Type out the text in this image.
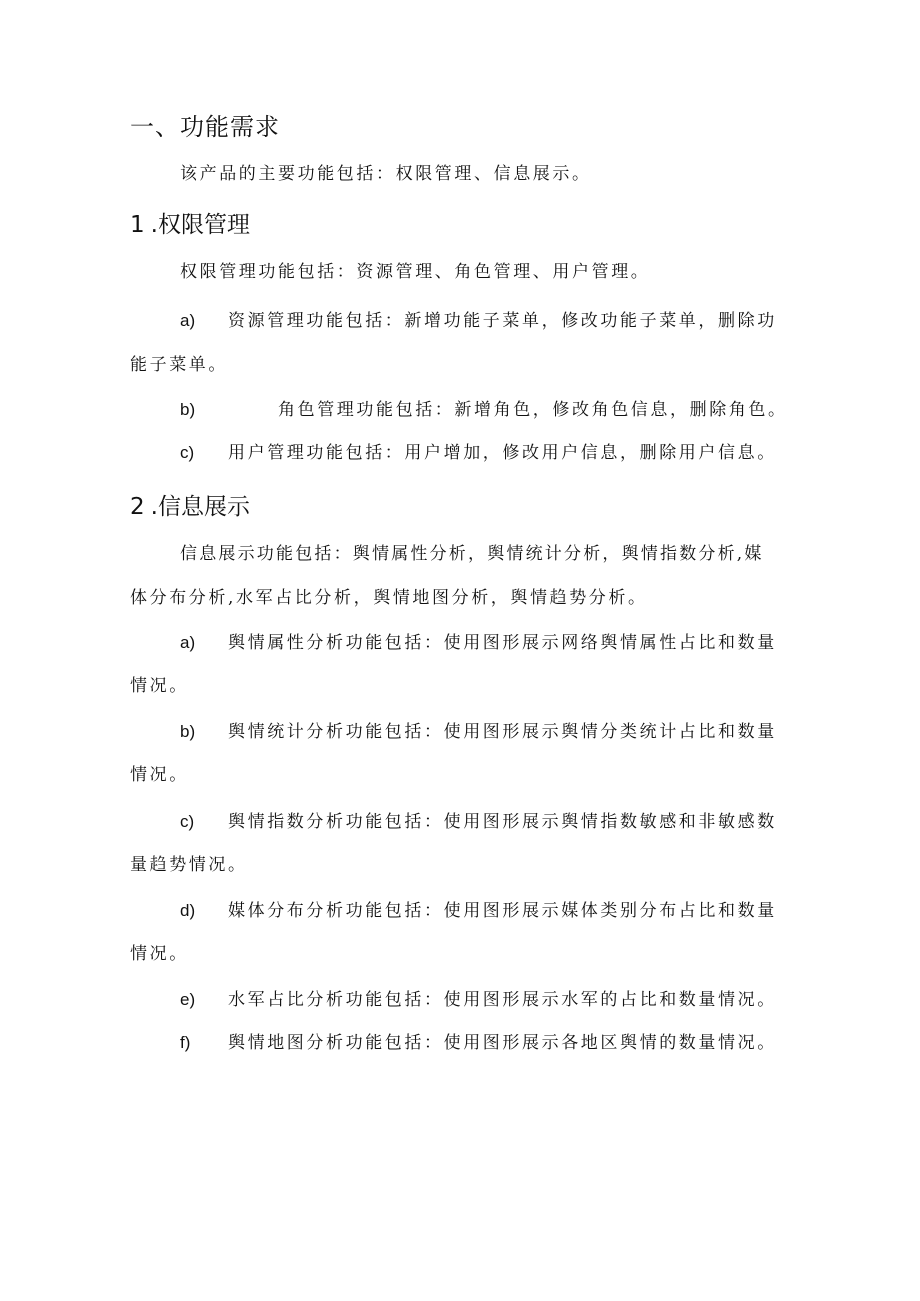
一、功能需求
该产品的主要功能包括：权限管理、信息展示。
1 .权限管理
权限管理功能包括：资源管理、角色管理、用户管理。
a) 资源管理功能包括：新增功能子菜单，修改功能子菜单，删除功
能子菜单。
b)	角色管理功能包括：新增角色，修改角色信息，删除角色。
c) 用户管理功能包括：用户增加，修改用户信息，删除用户信息。
2 .信息展示
信息展示功能包括：舆情属性分析，舆情统计分析，舆情指数分析,媒
体分布分析,水军占比分析，舆情地图分析，舆情趋势分析。
a) 舆情属性分析功能包括：使用图形展示网络舆情属性占比和数量
情况。
b) 舆情统计分析功能包括：使用图形展示舆情分类统计占比和数量
情况。
c) 舆情指数分析功能包括：使用图形展示舆情指数敏感和非敏感数
量趋势情况。
d) 媒体分布分析功能包括：使用图形展示媒体类别分布占比和数量
情况。
e) 水军占比分析功能包括：使用图形展示水军的占比和数量情况。
f) 舆情地图分析功能包括：使用图形展示各地区舆情的数量情况。
